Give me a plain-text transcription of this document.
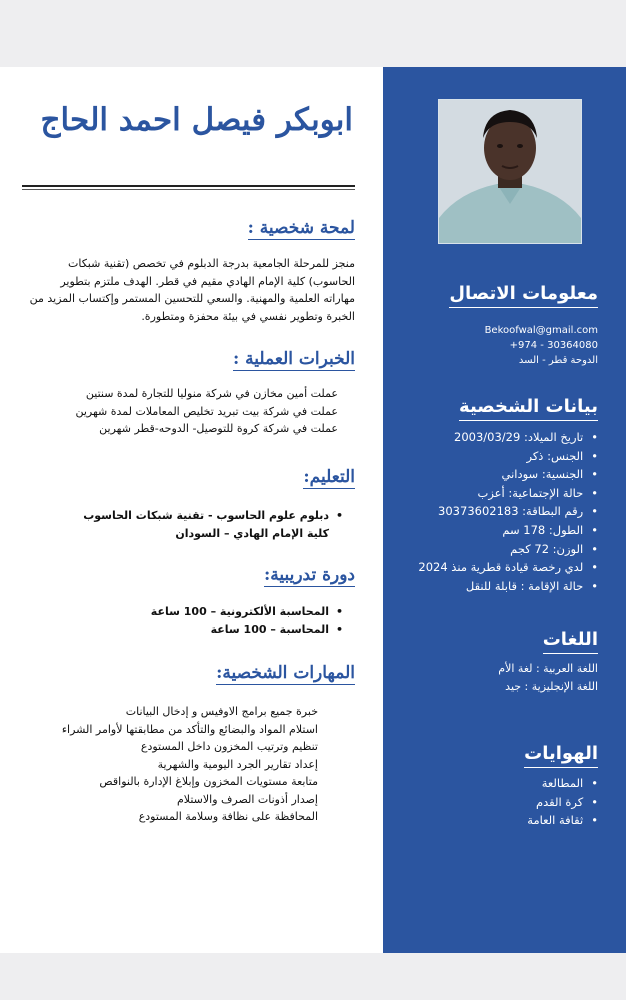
معلومات الاتصال
Bekoofwal@gmail.com
+974 - 30364080
الدوحة قطر - السد
بيانات الشخصية
• تاريخ الميلاد: 2003/03/29
• الجنس: ذكر
• الجنسية: سوداني
• حالة الإجتماعية: أعزب
• رقم البطاقة: 30373602183
• الطول: 178 سم
• الوزن: 72 كجم
• لدي رخصة قيادة قطرية منذ 2024
• حالة الإقامة : قابلة للنقل
اللغات
اللغة العربية : لغة الأم
اللغة الإنجليزية : جيد
الهوايات
• المطالعة
• كرة القدم
• ثقافة العامة
ابوبكر فيصل احمد الحاج
لمحة شخصية :

منجز للمرحلة الجامعية بدرجة الدبلوم في تخصص (تقنية شبكات الحاسوب) كلية الإمام الهادي مقيم في قطر. الهدف ملتزم بتطوير مهاراته العلمية والمهنية. والسعي للتحسين المستمر وإكتساب المزيد من الخبرة وتطوير نفسي في بيئة محفزة ومتطورة.

الخبرات العملية :
عملت أمين مخازن في شركة منوليا للتجارة لمدة سنتين
عملت في شركة بيت تبريد تخليص المعاملات لمدة شهرين
عملت في شركة كروة للتوصيل- الدوحه-قطر شهرين
التعليم:
•دبلوم علوم الحاسوب - تقنية شبكات الحاسوب
كلية الإمام الهادي – السودان
دورة تدريبية:
•المحاسبة الألكترونية – 100 ساعة
•المحاسبة – 100 ساعة
المهارات الشخصية:
خبرة جميع برامج الاوفيس و إدخال البيانات
استلام المواد والبضائع والتأكد من مطابقتها لأوامر الشراء
تنظيم وترتيب المخزون داخل المستودع
إعداد تقارير الجرد اليومية والشهرية
متابعة مستويات المخزون وإبلاغ الإدارة بالنواقص
إصدار أذونات الصرف والاستلام
المحافظة على نظافة وسلامة المستودع
